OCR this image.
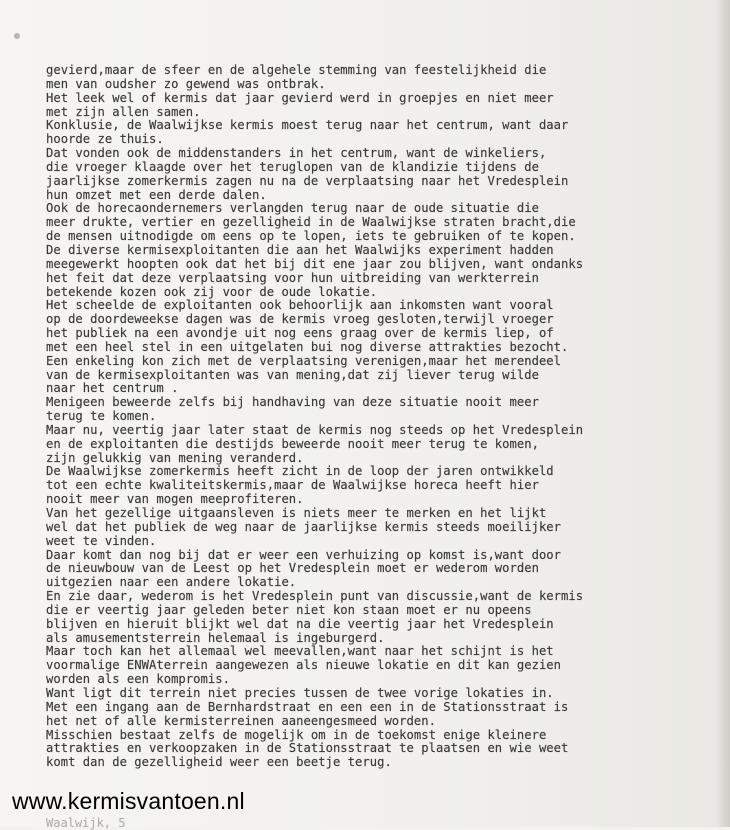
gevierd,maar de sfeer en de algehele stemming van feestelijkheid die
men van oudsher zo gewend was ontbrak.
Het leek wel of kermis dat jaar gevierd werd in groepjes en niet meer
met zijn allen samen.
Konklusie, de Waalwijkse kermis moest terug naar het centrum, want daar
hoorde ze thuis.
Dat vonden ook de middenstanders in het centrum, want de winkeliers,
die vroeger klaagde over het teruglopen van de klandizie tijdens de
jaarlijkse zomerkermis zagen nu na de verplaatsing naar het Vredesplein
hun omzet met een derde dalen.
Ook de horecaondernemers verlangden terug naar de oude situatie die
meer drukte, vertier en gezelligheid in de Waalwijkse straten bracht,die
de mensen uitnodigde om eens op te lopen, iets te gebruiken of te kopen.
De diverse kermisexploitanten die aan het Waalwijks experiment hadden
meegewerkt hoopten ook dat het bij dit ene jaar zou blijven, want ondanks
het feit dat deze verplaatsing voor hun uitbreiding van werkterrein
betekende kozen ook zij voor de oude lokatie.
Het scheelde de exploitanten ook behoorlijk aan inkomsten want vooral
op de doordeweekse dagen was de kermis vroeg gesloten,terwijl vroeger
het publiek na een avondje uit nog eens graag over de kermis liep, of
met een heel stel in een uitgelaten bui nog diverse attrakties bezocht.
Een enkeling kon zich met de verplaatsing verenigen,maar het merendeel
van de kermisexploitanten was van mening,dat zij liever terug wilde
naar het centrum .
Menigeen beweerde zelfs bij handhaving van deze situatie nooit meer
terug te komen.
Maar nu, veertig jaar later staat de kermis nog steeds op het Vredesplein
en de exploitanten die destijds beweerde nooit meer terug te komen,
zijn gelukkig van mening veranderd.
De Waalwijkse zomerkermis heeft zicht in de loop der jaren ontwikkeld
tot een echte kwaliteitskermis,maar de Waalwijkse horeca heeft hier
nooit meer van mogen meeprofiteren.
Van het gezellige uitgaansleven is niets meer te merken en het lijkt
wel dat het publiek de weg naar de jaarlijkse kermis steeds moeilijker
weet te vinden.
Daar komt dan nog bij dat er weer een verhuizing op komst is,want door
de nieuwbouw van de Leest op het Vredesplein moet er wederom worden
uitgezien naar een andere lokatie.
En zie daar, wederom is het Vredesplein punt van discussie,want de kermis
die er veertig jaar geleden beter niet kon staan moet er nu opeens
blijven en hieruit blijkt wel dat na die veertig jaar het Vredesplein
als amusementsterrein helemaal is ingeburgerd.
Maar toch kan het allemaal wel meevallen,want naar het schijnt is het
voormalige ENWAterrein aangewezen als nieuwe lokatie en dit kan gezien
worden als een kompromis.
Want ligt dit terrein niet precies tussen de twee vorige lokaties in.
Met een ingang aan de Bernhardstraat en een een in de Stationsstraat is
het net of alle kermisterreinen aaneengesmeed worden.
Misschien bestaat zelfs de mogelijk om in de toekomst enige kleinere
attrakties en verkoopzaken in de Stationsstraat te plaatsen en wie weet
komt dan de gezelligheid weer een beetje terug.
Waalwijk, 5
www.kermisvantoen.nl
